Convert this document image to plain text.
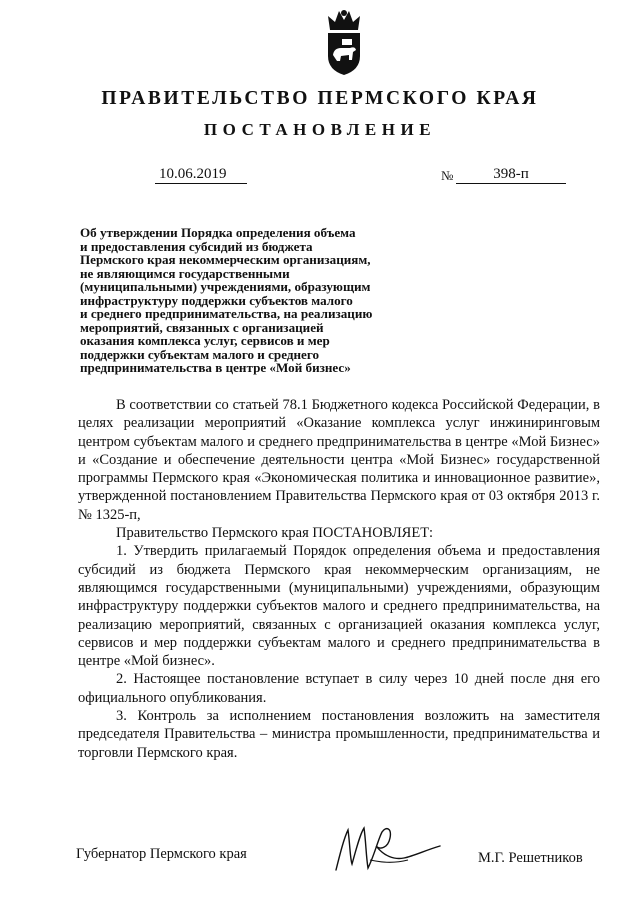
ПРАВИТЕЛЬСТВО ПЕРМСКОГО КРАЯ
ПОСТАНОВЛЕНИЕ
10.06.2019	№	398-п
Об утверждении Порядка определения объема
и предоставления субсидий из бюджета
Пермского края некоммерческим организациям,
не являющимся государственными
(муниципальными) учреждениями, образующим
инфраструктуру поддержки субъектов малого
и среднего предпринимательства, на реализацию
мероприятий, связанных с организацией
оказания комплекса услуг, сервисов и мер
поддержки субъектам малого и среднего
предпринимательства в центре «Мой бизнес»

В соответствии со статьей 78.1 Бюджетного кодекса Российской Федерации, в целях реализации мероприятий «Оказание комплекса услуг инжиниринговым центром субъектам малого и среднего предпринимательства в центре «Мой Бизнес» и «Создание и обеспечение деятельности центра «Мой Бизнес» государственной программы Пермского края «Экономическая политика и инновационное развитие», утвержденной постановлением Правительства Пермского края от 03 октября 2013 г. № 1325-п,

Правительство Пермского края ПОСТАНОВЛЯЕТ:

1. Утвердить прилагаемый Порядок определения объема и предоставления субсидий из бюджета Пермского края некоммерческим организациям, не являющимся государственными (муниципальными) учреждениями, образующим инфраструктуру поддержки субъектов малого и среднего предпринимательства, на реализацию мероприятий, связанных с организацией оказания комплекса услуг, сервисов и мер поддержки субъектам малого и среднего предпринимательства в центре «Мой бизнес».

2. Настоящее постановление вступает в силу через 10 дней после дня его официального опубликования.

3. Контроль за исполнением постановления возложить на заместителя председателя Правительства – министра промышленности, предпринимательства и торговли Пермского края.

Губернатор Пермского края	М.Г. Решетников
